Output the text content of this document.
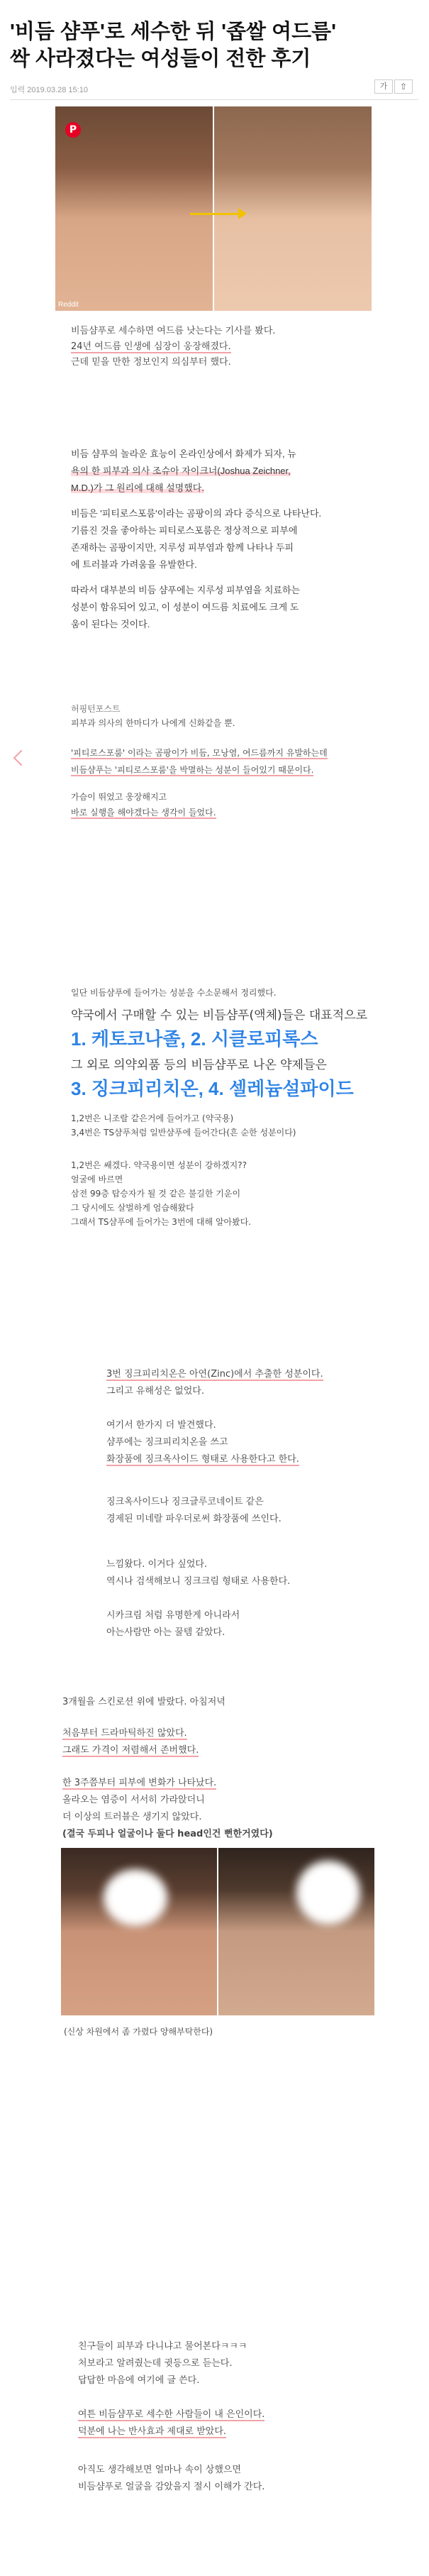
'비듬 샴푸'로 세수한 뒤 '좁쌀 여드름'
싹 사라졌다는 여성들이 전한 후기
입력 2019.03.28 15:10	가	⇧
P
Reddit
비듬샴푸로 세수하면 여드름 낫는다는 기사를 봤다.
24년 여드름 인생에 심장이 웅장해졌다.
근데 믿을 만한 정보인지 의심부터 했다.
비듬 샴푸의 놀라운 효능이 온라인상에서 화제가 되자, 뉴
욕의 한 피부과 의사 조슈아 자이크너(Joshua Zeichner,
M.D.)가 그 원리에 대해 설명했다.
비듬은 '피티로스포룸'이라는 곰팡이의 과다 증식으로 나타난다.
기름진 것을 좋아하는 피티로스포룸은 정상적으로 피부에
존재하는 곰팡이지만, 지루성 피부염과 함께 나타나 두피
에 트러블과 가려움을 유발한다.
따라서 대부분의 비듬 샴푸에는 지루성 피부염을 치료하는
성분이 함유되어 있고, 이 성분이 여드름 치료에도 크게 도
움이 된다는 것이다.
허핑턴포스트
피부과 의사의 한마디가 나에게 신화같을 뿐.
'피티로스포룸' 이라는 곰팡이가 비듬, 모낭염, 여드름까지 유발하는데
비듬샴푸는 '피티로스포룸'을 박멸하는 성분이 들어있기 때문이다.
가슴이 뛰었고 웅장해지고
바로 실행을 해야겠다는 생각이 들었다.
일단 비듬샴푸에 들어가는 성분을 수소문해서 정리했다.
약국에서 구매할 수 있는 비듬샴푸(액체)들은 대표적으로
1. 케토코나졸, 2. 시클로피록스
그 외로 의약외품 등의 비듬샴푸로 나온 약제들은
3. 징크피리치온, 4. 셀레늄설파이드
1,2번은 니조랄 같은거에 들어가고 (약국용)
3,4번은 TS샴푸처럼 일반샴푸에 들어간다(흔 순한 성분이다)
1,2번은 쌔겠다. 약국용이면 성분이 강하겠지??
얼굴에 바르면
삼전 99층 탑승자가 될 것 같은 불길한 기운이
그 당시에도 살벌하게 엄습해왔다
그래서 TS샴푸에 들어가는 3번에 대해 알아봤다.
3번 징크피리치온은 아연(Zinc)에서 추출한 성분이다.
그리고 유해성은 없었다.
여기서 한가지 더 발견했다.
샴푸에는 징크피리치온을 쓰고
화장품에 징크옥사이드 형태로 사용한다고 한다.
징크옥사이드나 징크글루코네이트 같은
경제된 미네랄 파우더로써 화장품에 쓰인다.
느낌왔다. 이거다 싶었다.
역시나 검색해보니 징크크림 형태로 사용한다.
시카크림 처럼 유명한게 아니라서
아는사람만 아는 꿀템 같았다.
3개월을 스킨로션 위에 발랐다. 아침저녁
처음부터 드라마틱하진 않았다.
그래도 가격이 저렴해서 존버했다.
한 3주쯤부터 피부에 변화가 나타났다.
올라오는 염증이 서서히 가라앉더니
더 이상의 트러블은 생기지 않았다.
(결국 두피나 얼굴이나 둘다 head인건 뻔한거였다)
(신상 차원에서 좀 가렸다 양해부탁한다)
친구들이 피부과 다니냐고 물어본다ㅋㅋㅋ
처보라고 알려줬는데 귓등으로 듣는다.
답답한 마음에 여기에 글 쓴다.
여튼 비듬샴푸로 세수한 사람들이 내 은인이다.
덕분에 나는 반사효과 제대로 받았다.
아직도 생각해보면 얼마나 속이 상했으면
비듬샴푸로 얼굴을 감았을지 절시 이해가 간다.
